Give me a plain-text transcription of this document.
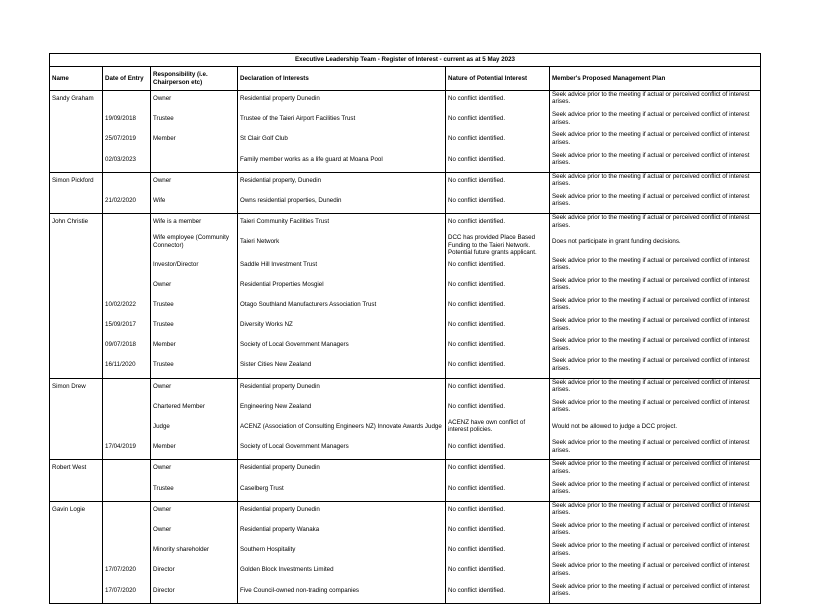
Executive Leadership Team - Register of Interest - current as at 5 May 2023					
Name	Date of Entry	Responsibility (i.e. Chairperson etc)	Declaration of Interests	Nature of Potential Interest	Member's Proposed Management Plan
Sandy Graham		Owner	Residential property Dunedin	No conflict identified.	Seek advice prior to the meeting if actual or perceived conflict of interest arises.
	19/09/2018	Trustee	Trustee of the Taieri Airport Facilities Trust	No conflict identified.	Seek advice prior to the meeting if actual or perceived conflict of interest arises.
	25/07/2019	Member	St Clair Golf Club	No conflict identified.	Seek advice prior to the meeting if actual or perceived conflict of interest arises.
	02/03/2023		Family member works as a life guard at Moana Pool	No conflict identified.	Seek advice prior to the meeting if actual or perceived conflict of interest arises.
Simon Pickford		Owner	Residential property, Dunedin	No conflict identified.	Seek advice prior to the meeting if actual or perceived conflict of interest arises.
	21/02/2020	Wife	Owns residential properties, Dunedin	No conflict identified.	Seek advice prior to the meeting if actual or perceived conflict of interest arises.
John Christie		Wife is a member	Taieri Community Facilities Trust	No conflict identified.	Seek advice prior to the meeting if actual or perceived conflict of interest arises.
		Wife employee (Community Connector)	Taieri Network	DCC has provided Place Based Funding to the Taieri Network. Potential future grants applicant.	Does not participate in grant funding decisions.
		Investor/Director	Saddle Hill Investment Trust	No conflict identified.	Seek advice prior to the meeting if actual or perceived conflict of interest arises.
		Owner	Residential Properties Mosgiel	No conflict identified.	Seek advice prior to the meeting if actual or perceived conflict of interest arises.
	10/02/2022	Trustee	Otago Southland Manufacturers Association Trust	No conflict identified.	Seek advice prior to the meeting if actual or perceived conflict of interest arises.
	15/09/2017	Trustee	Diversity Works NZ	No conflict identified.	Seek advice prior to the meeting if actual or perceived conflict of interest arises.
	09/07/2018	Member	Society of Local Government Managers	No conflict identified.	Seek advice prior to the meeting if actual or perceived conflict of interest arises.
	16/11/2020	Trustee	Sister Cities New Zealand	No conflict identified.	Seek advice prior to the meeting if actual or perceived conflict of interest arises.
Simon Drew		Owner	Residential property Dunedin	No conflict identified.	Seek advice prior to the meeting if actual or perceived conflict of interest arises.
		Chartered Member	Engineering New Zealand	No conflict identified.	Seek advice prior to the meeting if actual or perceived conflict of interest arises.
		Judge	ACENZ (Association of Consulting Engineers NZ) Innovate Awards Judge	ACENZ have own conflict of interest policies.	Would not be allowed to judge a DCC project.
	17/04/2019	Member	Society of Local Government Managers	No conflict identified.	Seek advice prior to the meeting if actual or perceived conflict of interest arises.
Robert West		Owner	Residential property Dunedin	No conflict identified.	Seek advice prior to the meeting if actual or perceived conflict of interest arises.
		Trustee	Caselberg Trust	No conflict identified.	Seek advice prior to the meeting if actual or perceived conflict of interest arises.
Gavin Logie		Owner	Residential property Dunedin	No conflict identified.	Seek advice prior to the meeting if actual or perceived conflict of interest arises.
		Owner	Residential property Wanaka	No conflict identified.	Seek advice prior to the meeting if actual or perceived conflict of interest arises.
		Minority shareholder	Southern Hospitality	No conflict identified.	Seek advice prior to the meeting if actual or perceived conflict of interest arises.
	17/07/2020	Director	Golden Block Investments Limited	No conflict identified.	Seek advice prior to the meeting if actual or perceived conflict of interest arises.
	17/07/2020	Director	Five Council-owned non-trading companies	No conflict identified.	Seek advice prior to the meeting if actual or perceived conflict of interest arises.
